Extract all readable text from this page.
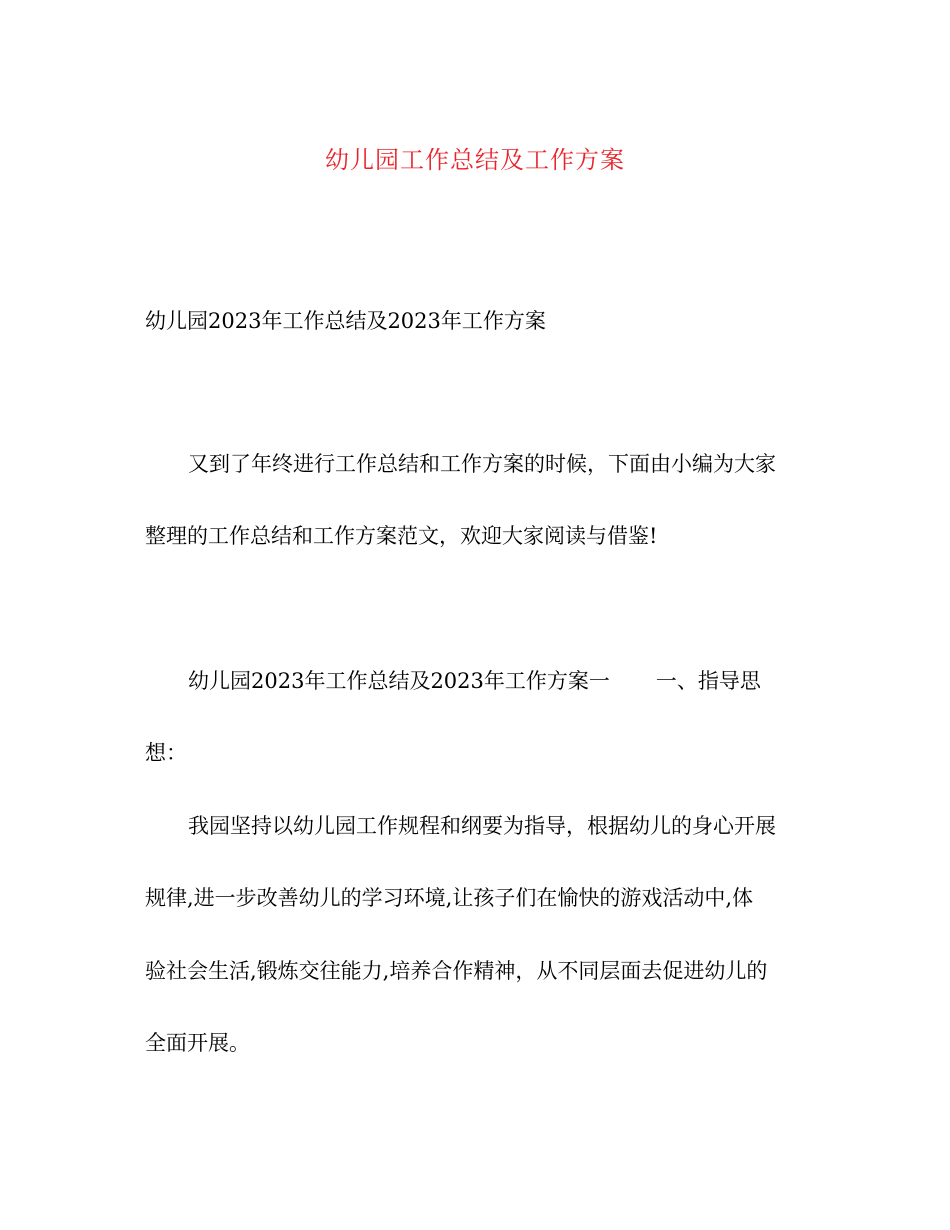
幼儿园工作总结及工作方案
幼儿园2023年工作总结及2023年工作方案
又到了年终进行工作总结和工作方案的时候，下面由小编为大家
整理的工作总结和工作方案范文，欢迎大家阅读与借鉴!
幼儿园2023年工作总结及2023年工作方案一 一、指导思
想：
我园坚持以幼儿园工作规程和纲要为指导，根据幼儿的身心开展
规律,进一步改善幼儿的学习环境,让孩子们在愉快的游戏活动中,体
验社会生活,锻炼交往能力,培养合作精神，从不同层面去促进幼儿的
全面开展。
